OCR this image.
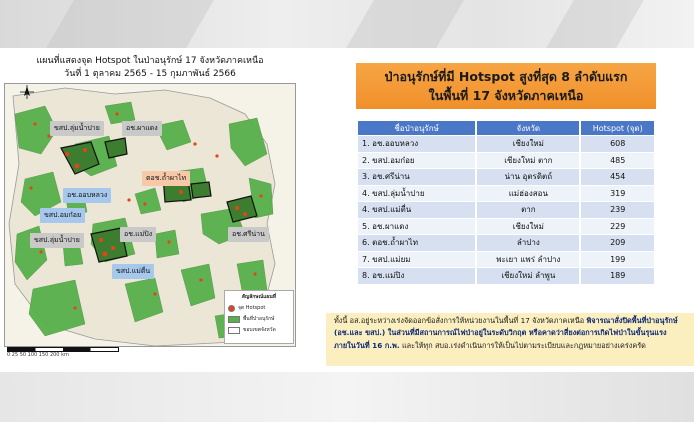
แผนที่แสดงจุด Hotspot ในป่าอนุรักษ์ 17 จังหวัดภาคเหนือ
วันที่ 1 ตุลาคม 2565 - 15 กุมภาพันธ์ 2566
ขสป.ลุ่มน้ำปาย
ขสป.ลุ่มน้ำปาย
อช.ผาแดง
อช.ออบหลวง
ขสป.อมก๋อย
ขสป.แม่ตื่น
อช.แม่ปิง	อช.ศรีน่าน
ตอช.ถ้ำผาไท
สัญลักษณ์แผนที่
จุด Hotspot
พื้นที่ป่าอนุรักษ์
ขอบเขตจังหวัด
0 25 50 100 150 200 km
ป่าอนุรักษ์ที่มี Hotspot สูงที่สุด 8 ลำดับแรก
ในพื้นที่ 17 จังหวัดภาคเหนือ
ชื่อป่าอนุรักษ์	จังหวัด	Hotspot (จุด)
1. อช.ออบหลวง	เชียงใหม่	608
2. ขสป.อมก๋อย	เชียงใหม่ ตาก	485
3. อช.ศรีน่าน	น่าน อุตรดิตถ์	454
4. ขสป.ลุ่มน้ำปาย	แม่ฮ่องสอน	319
4. ขสป.แม่ตื่น	ตาก	239
5. อช.ผาแดง	เชียงใหม่	229
6. ตอช.ถ้ำผาไท	ลำปาง	209
7. ขสป.แม่ยม	พะเยา แพร่ ลำปาง	199
8. อช.แม่ปิง	เชียงใหม่ ลำพูน	189
ทั้งนี้ อส.อยู่ระหว่างเร่งจัดออกข้อสั่งการให้หน่วยงานในพื้นที่ 17 จังหวัดภาคเหนือ พิจารณาสั่งปิดพื้นที่ป่าอนุรักษ์ (อช.และ ขสป.) ในส่วนที่มีสถานการณ์ไฟป่าอยู่ในระดับวิกฤต หรือคาดว่าสี่ยงต่อการเกิดไฟป่าในขั้นรุนแรง ภายในวันที่ 16 ก.พ. และให้ทุก สบอ.เร่งดำเนินการให้เป็นไปตามระเบียบและกฎหมายอย่างเคร่งครัด
